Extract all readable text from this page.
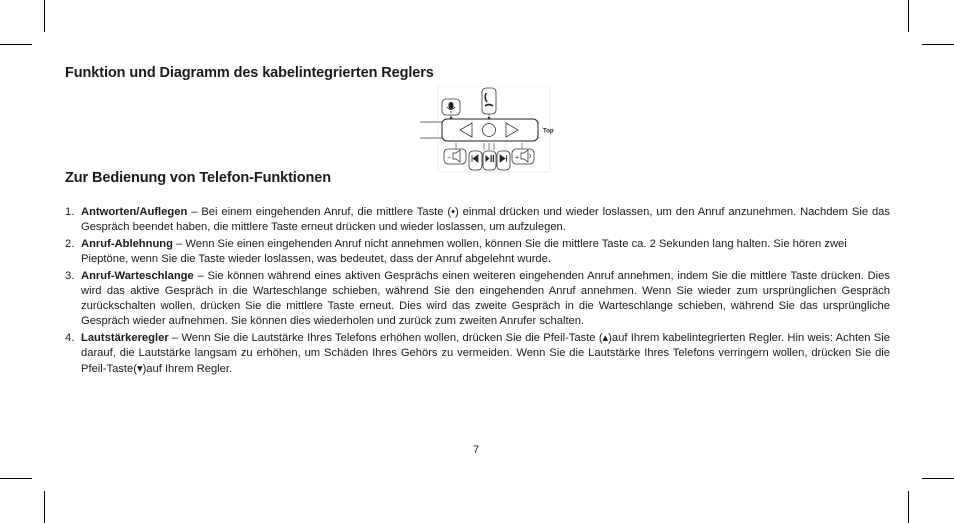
Funktion und Diagramm des kabelintegrierten Reglers
Top
−	+
Zur Bedienung von Telefon-Funktionen
1. Antworten/Auflegen – Bei einem eingehenden Anruf, die mittlere Taste (•) einmal drücken und wieder loslassen, um den Anruf anzunehmen. Nachdem Sie das Gespräch beendet haben, die mittlere Taste erneut drücken und wieder loslassen, um aufzulegen.
2. Anruf-Ablehnung – Wenn Sie einen eingehenden Anruf nicht annehmen wollen, können Sie die mittlere Taste ca. 2 Sekunden lang halten. Sie hören zwei Pieptöne, wenn Sie die Taste wieder loslassen, was bedeutet, dass der Anruf abgelehnt wurde.
3. Anruf-Warteschlange – Sie können während eines aktiven Gesprächs einen weiteren eingehenden Anruf annehmen, indem Sie die mittlere Taste drücken. Dies wird das aktive Gespräch in die Warteschlange schieben, während Sie den eingehenden Anruf annehmen. Wenn Sie wieder zum ursprünglichen Gespräch zurückschalten wollen, drücken Sie die mittlere Taste erneut. Dies wird das zweite Gespräch in die Warteschlange schieben, während Sie das ursprüngliche Gespräch wieder aufnehmen. Sie können dies wiederholen und zurück zum zweiten Anrufer schalten.
4. Lautstärkeregler – Wenn Sie die Lautstärke Ihres Telefons erhöhen wollen, drücken Sie die Pfeil-Taste (▴)auf Ihrem kabelintegrierten Regler. Hin weis: Achten Sie darauf, die Lautstärke langsam zu erhöhen, um Schäden Ihres Gehörs zu vermeiden. Wenn Sie die Lautstärke Ihres Telefons verringern wollen, drücken Sie die Pfeil-Taste(▾)auf Ihrem Regler.
7
